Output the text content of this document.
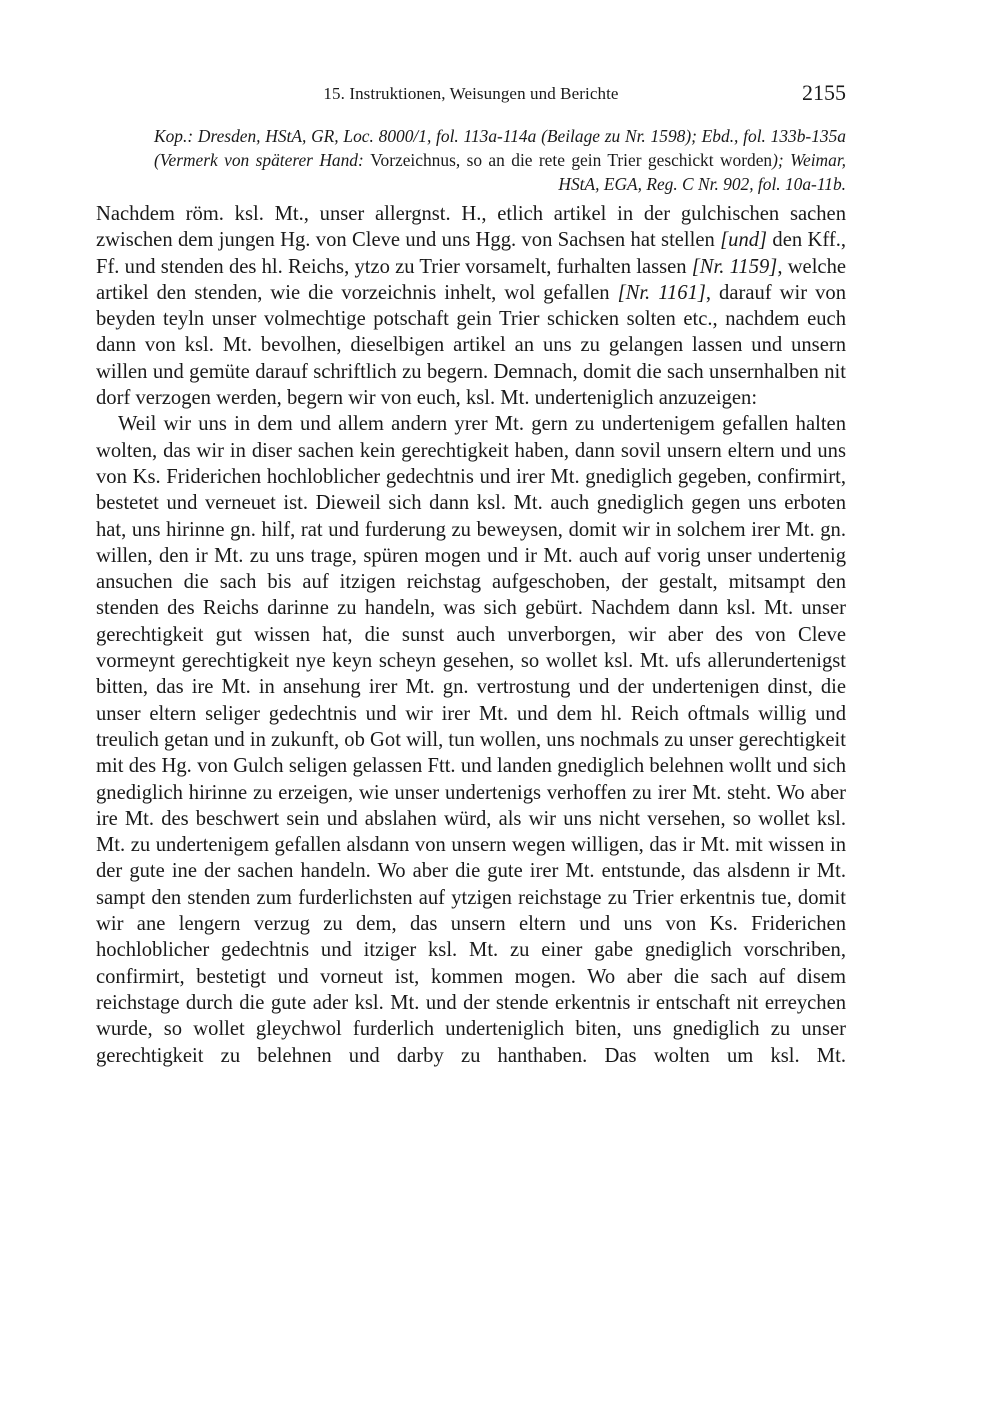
15. Instruktionen, Weisungen und Berichte	2155

Kop.: Dresden, HStA, GR, Loc. 8000/1, fol. 113a-114a (Beilage zu Nr. 1598); Ebd., fol. 133b-135a (Vermerk von späterer Hand: Vorzeichnus, so an die rete gein Trier geschickt worden); Weimar, HStA, EGA, Reg. C Nr. 902, fol. 10a-11b.

Nachdem röm. ksl. Mt., unser allergnst. H., etlich artikel in der gulchischen sachen zwischen dem jungen Hg. von Cleve und uns Hgg. von Sachsen hat stellen [und] den Kff., Ff. und stenden des hl. Reichs, ytzo zu Trier vorsamelt, furhalten lassen [Nr. 1159], welche artikel den stenden, wie die vorzeichnis inhelt, wol gefallen [Nr. 1161], darauf wir von beyden teyln unser volmechtige potschaft gein Trier schicken solten etc., nachdem euch dann von ksl. Mt. bevolhen, dieselbigen artikel an uns zu gelangen lassen und unsern willen und gemüte darauf schriftlich zu begern. Demnach, domit die sach unsernhalben nit dorf verzogen werden, begern wir von euch, ksl. Mt. underteniglich anzuzeigen:

Weil wir uns in dem und allem andern yrer Mt. gern zu undertenigem gefallen halten wolten, das wir in diser sachen kein gerechtigkeit haben, dann sovil unsern eltern und uns von Ks. Friderichen hochloblicher gedechtnis und irer Mt. gnediglich gegeben, confirmirt, bestetet und verneuet ist. Dieweil sich dann ksl. Mt. auch gnediglich gegen uns erboten hat, uns hirinne gn. hilf, rat und furderung zu beweysen, domit wir in solchem irer Mt. gn. willen, den ir Mt. zu uns trage, spüren mogen und ir Mt. auch auf vorig unser undertenig ansuchen die sach bis auf itzigen reichstag aufgeschoben, der gestalt, mitsampt den stenden des Reichs darinne zu handeln, was sich gebürt. Nachdem dann ksl. Mt. unser gerechtigkeit gut wissen hat, die sunst auch unverborgen, wir aber des von Cleve vormeynt gerechtigkeit nye keyn scheyn gesehen, so wollet ksl. Mt. ufs allerundertenigst bitten, das ire Mt. in ansehung irer Mt. gn. vertrostung und der undertenigen dinst, die unser eltern seliger gedechtnis und wir irer Mt. und dem hl. Reich oftmals willig und treulich getan und in zukunft, ob Got will, tun wollen, uns nochmals zu unser gerechtigkeit mit des Hg. von Gulch seligen gelassen Ftt. und landen gnediglich belehnen wollt und sich gnediglich hirinne zu erzeigen, wie unser undertenigs verhoffen zu irer Mt. steht. Wo aber ire Mt. des beschwert sein und abslahen würd, als wir uns nicht versehen, so wollet ksl. Mt. zu undertenigem gefallen alsdann von unsern wegen willigen, das ir Mt. mit wissen in der gute ine der sachen handeln. Wo aber die gute irer Mt. entstunde, das alsdenn ir Mt. sampt den stenden zum furderlichsten auf ytzigen reichstage zu Trier erkentnis tue, domit wir ane lengern verzug zu dem, das unsern eltern und uns von Ks. Friderichen hochloblicher gedechtnis und itziger ksl. Mt. zu einer gabe gnediglich vorschriben, confirmirt, bestetigt und vorneut ist, kommen mogen. Wo aber die sach auf disem reichstage durch die gute ader ksl. Mt. und der stende erkentnis ir entschaft nit erreychen wurde, so wollet gleychwol furderlich underteniglich biten, uns gnediglich zu unser gerechtigkeit zu belehnen und darby zu hanthaben. Das wolten um ksl. Mt.
